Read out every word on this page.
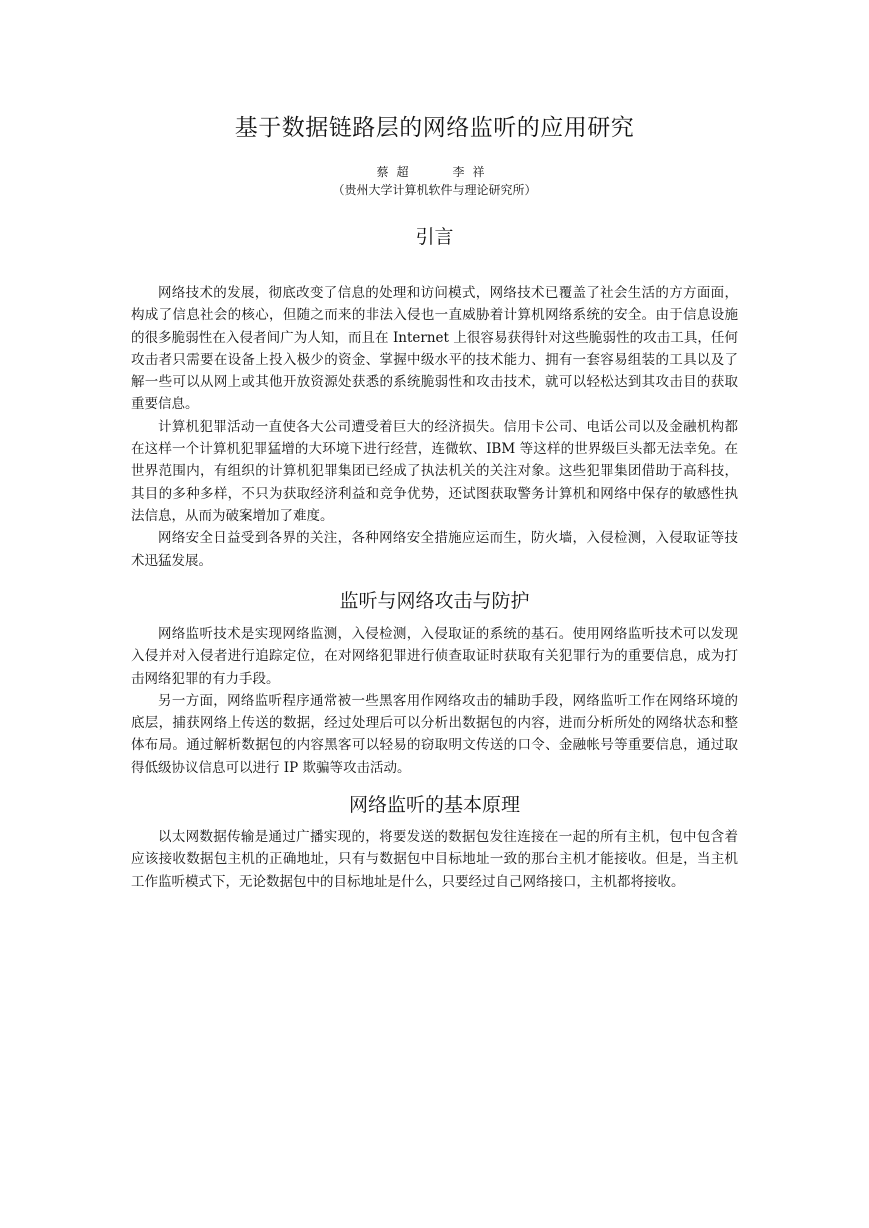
基于数据链路层的网络监听的应用研究
蔡超	李祥
（贵州大学计算机软件与理论研究所）
引言

网络技术的发展，彻底改变了信息的处理和访问模式，网络技术已覆盖了社会生活的方方面面，构成了信息社会的核心，但随之而来的非法入侵也一直威胁着计算机网络系统的安全。由于信息设施的很多脆弱性在入侵者间广为人知，而且在 Internet 上很容易获得针对这些脆弱性的攻击工具，任何攻击者只需要在设备上投入极少的资金、掌握中级水平的技术能力、拥有一套容易组装的工具以及了解一些可以从网上或其他开放资源处获悉的系统脆弱性和攻击技术，就可以轻松达到其攻击目的获取重要信息。

计算机犯罪活动一直使各大公司遭受着巨大的经济损失。信用卡公司、电话公司以及金融机构都在这样一个计算机犯罪猛增的大环境下进行经营，连微软、IBM 等这样的世界级巨头都无法幸免。在世界范围内，有组织的计算机犯罪集团已经成了执法机关的关注对象。这些犯罪集团借助于高科技，其目的多种多样，不只为获取经济利益和竞争优势，还试图获取警务计算机和网络中保存的敏感性执法信息，从而为破案增加了难度。

网络安全日益受到各界的关注，各种网络安全措施应运而生，防火墙，入侵检测，入侵取证等技术迅猛发展。

监听与网络攻击与防护

网络监听技术是实现网络监测，入侵检测，入侵取证的系统的基石。使用网络监听技术可以发现入侵并对入侵者进行追踪定位，在对网络犯罪进行侦查取证时获取有关犯罪行为的重要信息，成为打击网络犯罪的有力手段。

另一方面，网络监听程序通常被一些黑客用作网络攻击的辅助手段，网络监听工作在网络环境的底层，捕获网络上传送的数据，经过处理后可以分析出数据包的内容，进而分析所处的网络状态和整体布局。通过解析数据包的内容黑客可以轻易的窃取明文传送的口令、金融帐号等重要信息，通过取得低级协议信息可以进行 IP 欺骗等攻击活动。

网络监听的基本原理

以太网数据传输是通过广播实现的，将要发送的数据包发往连接在一起的所有主机，包中包含着应该接收数据包主机的正确地址，只有与数据包中目标地址一致的那台主机才能接收。但是，当主机工作监听模式下，无论数据包中的目标地址是什么，只要经过自己网络接口，主机都将接收。
